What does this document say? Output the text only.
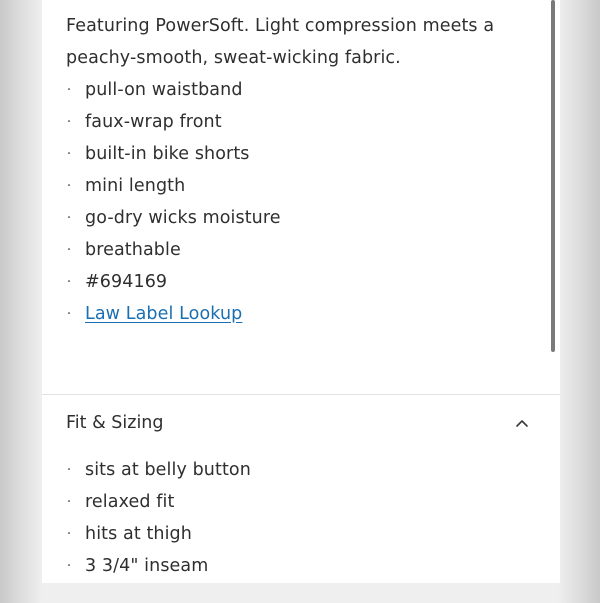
Featuring PowerSoft. Light compression meets a peachy-smooth, sweat-wicking fabric.

· pull-on waistband
· faux-wrap front
· built-in bike shorts
· mini length
· go-dry wicks moisture
· breathable
· #694169
· Law Label Lookup
Fit & Sizing
· sits at belly button
· relaxed fit
· hits at thigh
· 3 3/4" inseam
